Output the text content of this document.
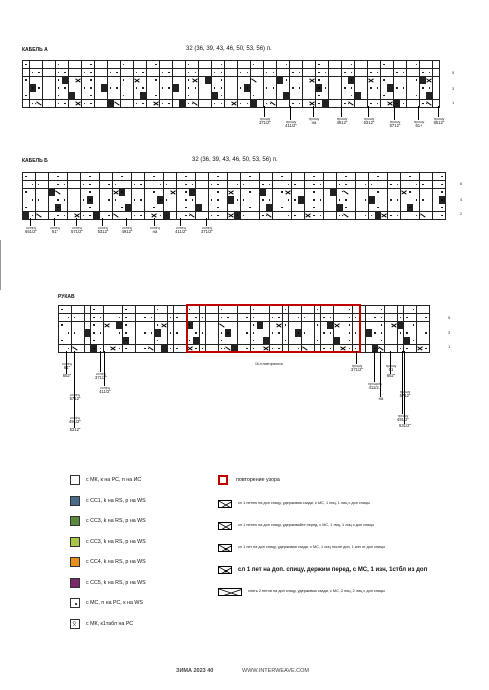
КАБЕЛЬ А	32 (36, 39, 43, 46, 50, 53, 56) п.
5
3
1
прошу
371/2"	прошу
411/2"
прошу
на
прошу
4912"
прошу
5312"	прошу
5712"
прошу
61+
прошу
6512"
КАБЕЛЬ Б	32 (36, 39, 43, 46, 50, 53, 56) п.
6
4
2
конец
651/2"
конец
61"
конец
571/2"
конец
5312"
конец
4912"
конец
на
конец
411/2"
конец
371/2"
РУКАВ
16-п повторяются
5
3
1
конец
61"
652"
конец
5712"
конец
491/2"
5312"
конец
371/2"
конец
411/2"
прошу
371/2"
прошить
411/2."
на
прошу
61
652"
прошу
5712"
прошу
491/2"
531/2"
с МК, к на РС, п на ИС
с СС1, k на RS, p на WS
с СС3, k на RS, p на WS
с СС3, k на RS, p на WS
с СС4, k на RS, p на WS
с СС5, k на RS, p на WS
с МС, п на РС, к на WS
ᛟ с МК, к1табл на РС
повторение узора
сл 1 петлю на доп спицу, удерживая сзади, с МС, 1 лиц, 1 лиц с доп спицы
сл 1 петлю на доп спицу, удерживайте перед, с МС, 1 лиц, 1 лиц с доп спицы
сл 1 пет на доп спицу, удерживая сзади, с МС, 1 лиц после доп, 1 изн от доп спицы
сл 1 пет на доп. спицу, держим перед, с МС, 1 изн, 1стбл из доп
снять 2 петли на доп спицу, удерживая сзади, с МС, 2 лиц, 2 лиц с доп спицы
ЗИМА 2023 40	WWW.INTERWEAVE.COM
